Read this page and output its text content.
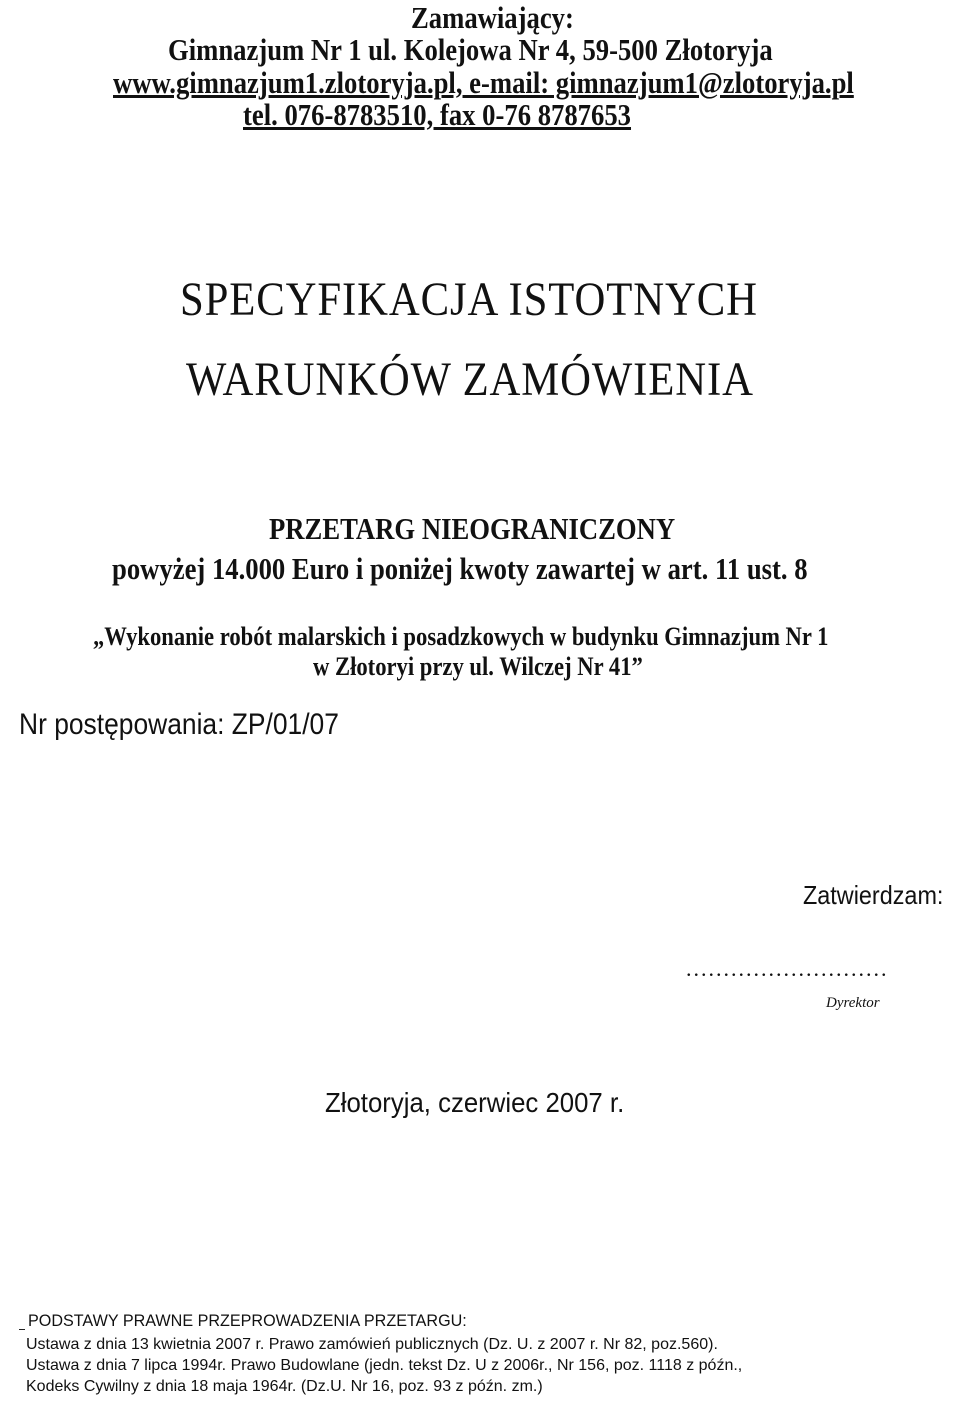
Zamawiający:
Gimnazjum Nr 1 ul. Kolejowa Nr 4, 59-500 Złotoryja
www.gimnazjum1.zlotoryja.pl, e-mail: gimnazjum1@zlotoryja.pl
tel. 076-8783510, fax 0-76 8787653
SPECYFIKACJA ISTOTNYCH
WARUNKÓW ZAMÓWIENIA
PRZETARG NIEOGRANICZONY
powyżej 14.000 Euro i poniżej kwoty zawartej w art. 11 ust. 8
„Wykonanie robót malarskich i posadzkowych w budynku Gimnazjum Nr 1
w Złotoryi przy ul. Wilczej Nr 41”
Nr postępowania: ZP/01/07
Zatwierdzam:
...........................
Dyrektor
Złotoryja, czerwiec 2007 r.
PODSTAWY PRAWNE PRZEPROWADZENIA PRZETARGU:
Ustawa z dnia 13 kwietnia 2007 r. Prawo zamówień publicznych (Dz. U. z 2007 r. Nr 82, poz.560).
Ustawa z dnia 7 lipca 1994r. Prawo Budowlane (jedn. tekst Dz. U z 2006r., Nr 156, poz. 1118 z późn.,
Kodeks Cywilny z dnia 18 maja 1964r. (Dz.U. Nr 16, poz. 93 z późn. zm.)
